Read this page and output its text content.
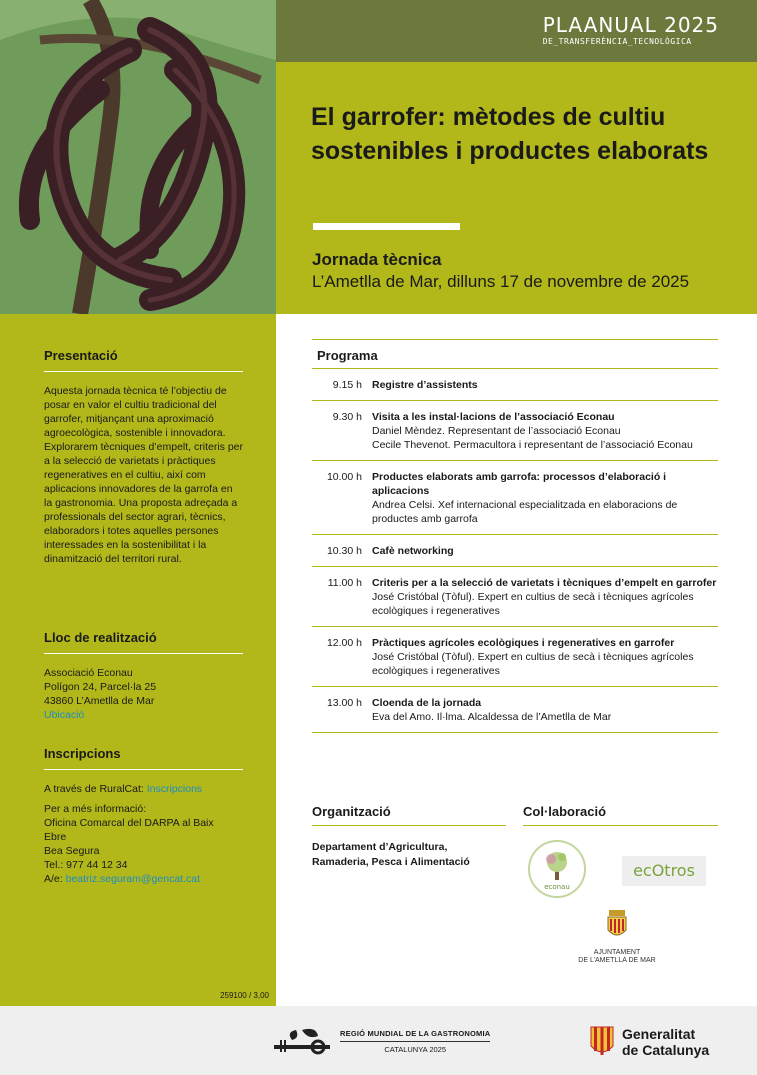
PLAANUAL 2025
DE_TRANSFERÈNCIA_TECNOLÒGICA
El garrofer: mètodes de cultiu sostenibles i productes elaborats
Jornada tècnica
L’Ametlla de Mar, dilluns 17 de novembre de 2025
Presentació
Aquesta jornada tècnica té l’objectiu de posar en valor el cultiu tradicional del garrofer, mitjançant una aproximació agroecològica, sostenible i innovadora. Explorarem tècniques d’empelt, criteris per a la selecció de varietats i pràctiques regeneratives en el cultiu, així com aplicacions innovadores de la garrofa en la gastronomia. Una proposta adreçada a professionals del sector agrari, tècnics, elaboradors i totes aquelles persones interessades en la sostenibilitat i la dinamització del territori rural.
Lloc de realització
Associació Econau
Polígon 24, Parcel·la 25
43860 L’Ametlla de Mar
Ubicació
Inscripcions
A través de RuralCat: Inscripcions
Per a més informació:
Oficina Comarcal del DARPA al Baix Ebre
Bea Segura
Tel.: 977 44 12 34
A/e: beatriz.seguram@gencat.cat
259100 / 3,00
Programa
9.15 h Registre d’assistents
9.30 h Visita a les instal·lacions de l’associació Econau
Daniel Mèndez. Representant de l’associació Econau
Cecile Thevenot. Permacultora i representant de l’associació Econau
10.00 h Productes elaborats amb garrofa: processos d’elaboració i aplicacions
Andrea Celsi. Xef internacional especialitzada en elaboracions de productes amb garrofa
10.30 h Cafè networking
11.00 h Criteris per a la selecció de varietats i tècniques d’empelt en garrofer
José Cristóbal (Tòful). Expert en cultius de secà i tècniques agrícoles ecològiques i regeneratives
12.00 h Pràctiques agrícoles ecològiques i regeneratives en garrofer
José Cristóbal (Tòful). Expert en cultius de secà i tècniques agrícoles ecològiques i regeneratives
13.00 h Cloenda de la jornada
Eva del Amo. Il·lma. Alcaldessa de l’Ametlla de Mar
Organització
Departament d’Agricultura, Ramaderia, Pesca i Alimentació
Col·laboració
econau
ecOtros
AJUNTAMENT
DE L’AMETLLA DE MAR
REGIÓ MUNDIAL DE LA GASTRONOMIA
CATALUNYA 2025
Generalitat
de Catalunya
